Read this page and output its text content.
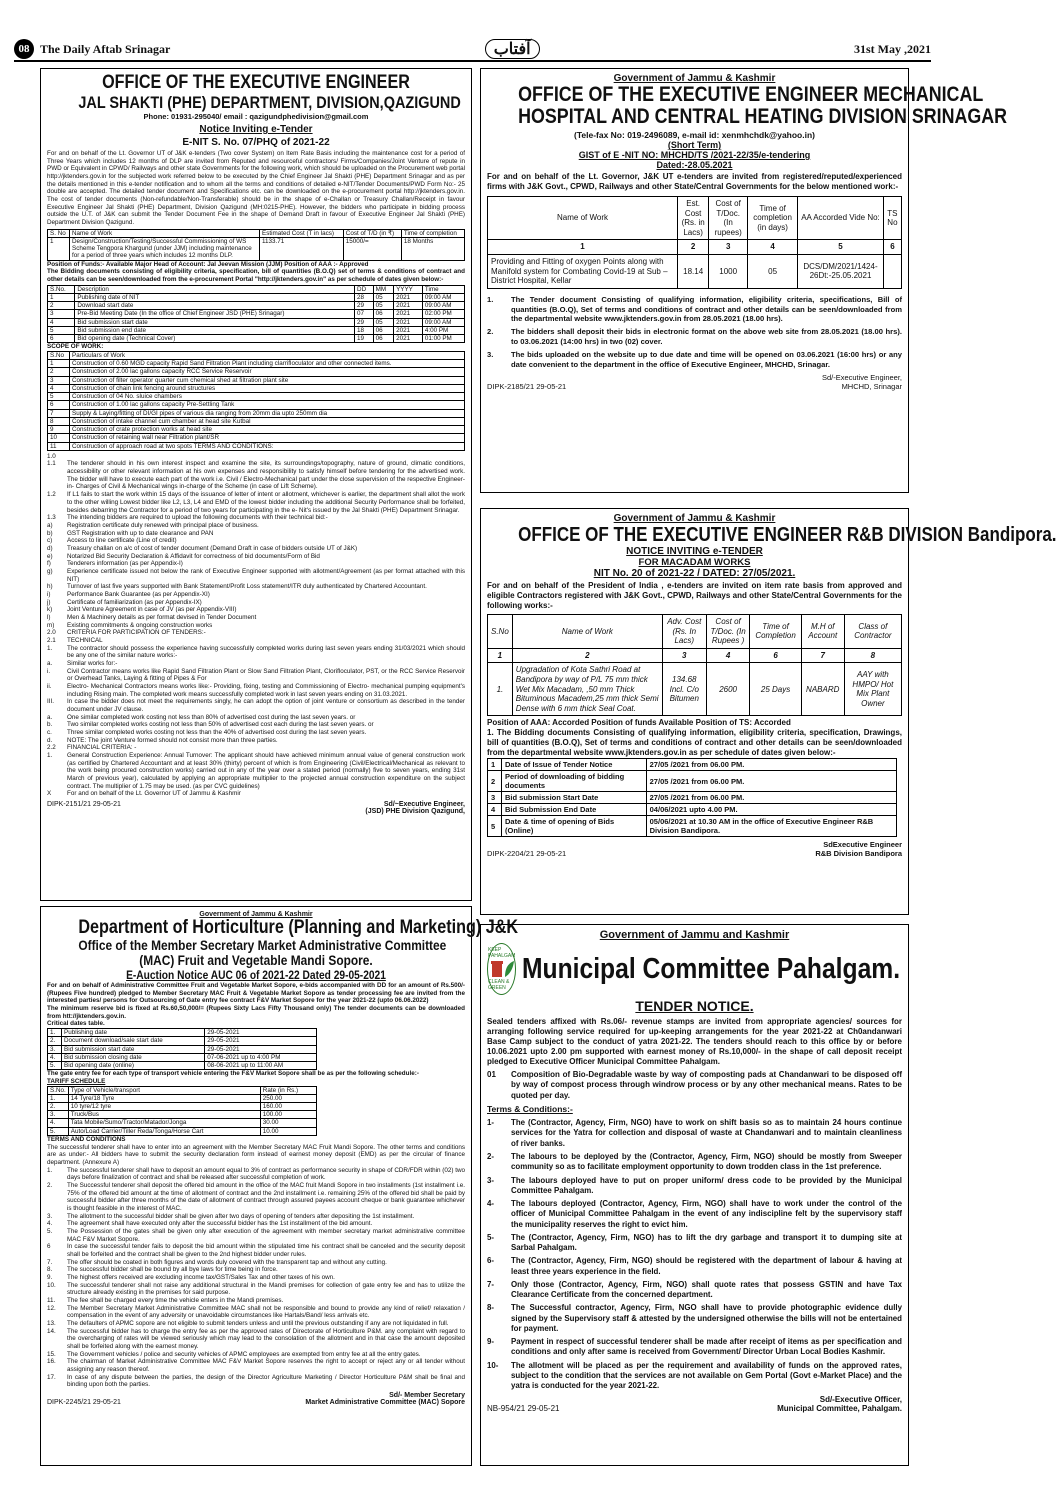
08 The Daily Aftab Srinagar	آفتاب	31st May ,2021
OFFICE OF THE EXECUTIVE ENGINEER
JAL SHAKTI (PHE) DEPARTMENT, DIVISION,QAZIGUND
Phone: 01931-295040/ email : qazigundphedivision@gmail.com
Notice Inviting e-Tender
E-NIT S. No. 07/PHQ of 2021-22
For and on behalf of the Lt. Governor UT of J&K e-tenders (Two cover System) on Item Rate Basis including the maintenance cost for a period of Three Years which includes 12 months of DLP are invited from Reputed and resourceful contractors/ Firms/Companies/Joint Venture of repute in PWD or Equivalent in CPWD/ Railways and other state Governments for the following work, which should be uploaded on the Procurement web portal http://jktenders.gov.in for the subjected work referred below to be executed by the Chief Engineer Jal Shakti (PHE) Department Srinagar and as per the details mentioned in this e-tender notification and to whom all the terms and conditions of detailed e-NIT/Tender Documents/PWD Form No:- 25 double are accepted. The detailed tender document and Specifications etc. can be downloaded on the e-procurement portal http://jktenders.gov.in. The cost of tender documents (Non-refundable/Non-Transferable) should be in the shape of e-Challan or Treasury Challan/Receipt in favour Executive Engineer Jal Shakti (PHE) Department, Division Qazigund (MH:0215-PHE). However, the bidders who participate in bidding process outside the U.T. of J&K can submit the Tender Document Fee in the shape of Demand Draft in favour of Executive Engineer Jal Shakti (PHE) Department Division Qazigund.
S. No	Name of Work	Estimated Cost (T in lacs)	Cost of T/D (in ₹)	Time of completion
1	Design/Construction/Testing/Successful Commissioning of WS Scheme Tengpora Khargund (under JJM) including maintenance for a period of three years which includes 12 months DLP.	1133.71	15000/=	18 Months
Position of Funds:- Available Major Head of Account: Jal Jeevan Mission (JJM) Position of AAA :- Approved
The Bidding documents consisting of eligibility criteria, specification, bill of quantities (B.O.Q) set of terms & conditions of contract and other details can be seen/downloaded from the e-procurement Portal "http://jktenders.gov.in" as per schedule of dates given below:-
S.No.	Description	DD	MM	YYYY	Time
1	Publishing date of NIT	28	05	2021	09:00 AM
2	Download start date	29	05	2021	09:00 AM
3	Pre-Bid Meeting Date (In the office of Chief Engineer JSD (PHE) Srinagar)	07	06	2021	02:00 PM
4	Bid submission start date	29	05	2021	09:00 AM
5	Bid submission end date	18	06	2021	4:00 PM
6	Bid opening date (Technical Cover)	19	06	2021	01:00 PM
SCOPE OF WORK:
S.No	Particulars of Work
1	Construction of 0.60 MGD capacity Rapid Sand Filtration Plant including clarrifloculator and other connected items.
2	Construction of 2.00 lac gallons capacity RCC Service Reservoir
3	Construction of filter operator quarter cum chemical shed at filtration plant site
4	Construction of chain link fencing around structures
5	Construction of 04 No. sluice chambers
6	Construction of 1.00 lac gallons capacity Pre-Settling Tank
7	Supply & Laying/fitting of DI/GI pipes of various dia ranging from 20mm dia upto 250mm dia
8	Construction of intake channel cum chamber at head site Kutbal
9	Construction of crate protection works at head site
10	Construction of retaining wall near Filtration plant/SR
11	Construction of approach road at two spots TERMS AND CONDITIONS:
1.0
1.1	The tenderer should in his own interest inspect and examine the site, its surroundings/topography, nature of ground, climatic conditions, accessibility or other relevant information at his own expenses and responsibility to satisfy himself before tendering for the advertised work. The bidder will have to execute each part of the work i.e. Civil / Electro-Mechanical part under the close supervision of the respective Engineer- in- Charges of Civil & Mechanical wings in-charge of the Scheme (in case of Lift Scheme).
1.2	If L1 fails to start the work within 15 days of the issuance of letter of intent or allotment, whichever is earlier, the department shall allot the work to the other willing Lowest bidder like L2, L3, L4 and EMD of the lowest bidder including the additional Security Performance shall be forfeited, besides debarring the Contractor for a period of two years for participating in the e- Nit's issued by the Jal Shakti (PHE) Department Srinagar.
1.3	The intending bidders are required to upload the following documents with their technical bid:-
a)	Registration certificate duly renewed with principal place of business.
b)	GST Registration with up to date clearance and PAN
c)	Access to line certificate (Line of credit)
d)	Treasury challan on a/c of cost of tender document (Demand Draft in case of bidders outside UT of J&K)
e)	Notarized Bid Security Declaration & Affidavit for correctness of bid documents/Form of Bid
f)	Tenderers information (as per Appendix-I)
g)	Experience certificate issued not below the rank of Executive Engineer supported with allotment/Agreement (as per format attached with this NIT)
h)	Turnover of last five years supported with Bank Statement/Profit Loss statement/ITR duly authenticated by Chartered Accountant.
i)	Performance Bank Guarantee (as per Appendix-XI)
j)	Certificate of familiarization (as per Appendix-IX)
k)	Joint Venture Agreement in case of JV (as per Appendix-VIII)
l)	Men & Machinery details as per format devised in Tender Document
m)	Existing commitments & ongoing construction works
2.0	CRITERIA FOR PARTICIPATION OF TENDERS:-
2.1	TECHNICAL
1.	The contractor should possess the experience having successfully completed works during last seven years ending 31/03/2021 which should be any one of the similar nature works:-
a.	Similar works for:-
i.	Civil Contractor means works like Rapid Sand Filtration Plant or Slow Sand Filtration Plant, Clorifloculator, PST, or the RCC Service Reservoir or Overhead Tanks, Laying & fitting of Pipes & For
ii.	Electro- Mechanical Contractors means works like:- Providing, fixing, testing and Commissioning of Electro- mechanical pumping equipment's including Rising main. The completed work means successfully completed work in last seven years ending on 31.03.2021.
III.	In case the bidder does not meet the requirements singly, he can adopt the option of joint venture or consortium as described in the tender document under JV clause.
a.	One similar completed work costing not less than 80% of advertised cost during the last seven years. or
b.	Two similar completed works costing not less than 50% of advertised cost each during the last seven years. or
c.	Three similar completed works costing not less than the 40% of advertised cost during the last seven years.
d.	NOTE: The joint Venture formed should not consist more than three parties.
2.2	FINANCIAL CRITERIA: -
1.	General Construction Experience: Annual Turnover: The applicant should have achieved minimum annual value of general construction work (as certified by Chartered Accountant and at least 30% (thirty) percent of which is from Engineering (Civil/Electrical/Mechanical as relevant to the work being procured construction works) carried out in any of the year over a stated period (normally) five to seven years, ending 31st March of previous year), calculated by applying an appropriate multiplier to the projected annual construction expenditure on the subject contract. The multiplier of 1.75 may be used. (as per CVC guidelines)
X	For and on behalf of the Lt. Governor UT of Jammu & Kashmir
DIPK-2151/21 29-05-21	Sd/~Executive Engineer,
(JSD) PHE Division Qazigund,
Government of Jammu & Kashmir
OFFICE OF THE EXECUTIVE ENGINEER MECHANICAL
HOSPITAL AND CENTRAL HEATING DIVISION SRINAGAR
(Tele-fax No: 019-2496089, e-mail id: xenmhchdk@yahoo.in)
(Short Term)
GIST of E -NIT NO: MHCHD/TS /2021-22/35/e-tendering
Dated:-28.05.2021
For and on behalf of the Lt. Governor, J&K UT e-tenders are invited from registered/reputed/experienced firms with J&K Govt., CPWD, Railways and other State/Central Governments for the below mentioned work:-
Name of Work	Est. Cost (Rs. in Lacs)	Cost of T/Doc. (In rupees)	Time of completion (in days)	AA Accorded Vide No:	TS No
1	2	3	4	5	6
Providing and Fitting of oxygen Points along with Manifold system for Combating Covid-19 at Sub –District Hospital, Kellar	18.14	1000	05	DCS/DM/2021/1424-26Dt:-25.05.2021	
1.	The Tender document Consisting of qualifying information, eligibility criteria, specifications, Bill of quantities (B.O.Q), Set of terms and conditions of contract and other details can be seen/downloaded from the departmental website www.jktenders.gov.in from 28.05.2021 (18.00 hrs).
2.	The bidders shall deposit their bids in electronic format on the above web site from 28.05.2021 (18.00 hrs). to 03.06.2021 (14:00 hrs) in two (02) cover.
3.	The bids uploaded on the website up to due date and time will be opened on 03.06.2021 (16:00 hrs) or any date convenient to the department in the office of Executive Engineer, MHCHD, Srinagar.
DIPK-2185/21 29-05-21
Sd/-Executive Engineer,
MHCHD, Srinagar
Government of Jammu & Kashmir
OFFICE OF THE EXECUTIVE ENGINEER R&B DIVISION Bandipora.
NOTICE INVITING e-TENDER
FOR MACADAM WORKS
NIT No. 20 of 2021-22 / DATED: 27/05/2021.
For and on behalf of the President of India , e-tenders are invited on item rate basis from approved and eligible Contractors registered with J&K Govt., CPWD, Railways and other State/Central Governments for the following works:-
S.No	Name of Work	Adv. Cost (Rs. In Lacs)	Cost of T/Doc. (In Rupees )	Time of Completion	M.H of Account	Class of Contractor
1	2	3	4	6	7	8
1.	Upgradation of Kota Sathri Road at Bandipora by way of P/L 75 mm thick Wet Mix Macadam, ,50 mm Thick Bituminous Macadem,25 mm thick Semi Dense with 6 mm thick Seal Coat.	134.68 Incl. C/o Bitumen	2600	25 Days	NABARD	AAY with HMPO/ Hot Mix Plant Owner
Position of AAA: Accorded Position of funds Available Position of TS: Accorded
1. The Bidding documents Consisting of qualifying information, eligibility criteria, specification, Drawings, bill of quantities (B.O.Q), Set of terms and conditions of contract and other details can be seen/downloaded from the departmental website www.jktenders.gov.in as per schedule of dates given below:-
1	Date of Issue of Tender Notice	27/05 /2021 from 06.00 PM.
2	Period of downloading of bidding documents	27/05 /2021 from 06.00 PM.
3	Bid submission Start Date	27/05 /2021 from 06.00 PM.
4	Bid Submission End Date	04/06/2021 upto 4.00 PM.
5	Date & time of opening of Bids (Online)	05/06/2021 at 10.30 AM in the office of Executive Engineer R&B Division Bandipora.
DIPK-2204/21 29-05-21
SdExecutive Engineer
R&B Division Bandipora
Government of Jammu & Kashmir
Department of Horticulture (Planning and Marketing) J&K
Office of the Member Secretary Market Administrative Committee
(MAC) Fruit and Vegetable Mandi Sopore.
E-Auction Notice AUC 06 of 2021-22 Dated 29-05-2021
For and on behalf of Administrative Committee Fruit and Vegetable Market Sopore, e-bids accompanied with DD for an amount of Rs.500/- (Rupees Five hundred) pledged to Member Secretary MAC Fruit & Vegetable Market Sopore as tender processing fee are invited from the interested parties/ persons for Outsourcing of Gate entry fee contract F&V Market Sopore for the year 2021-22 (upto 06.06.2022)
The minimum reserve bid is fixed at Rs.60,50,000/= (Rupees Sixty Lacs Fifty Thousand only) The tender documents can be downloaded from htt://jktenders.gov.in.
Critical dates table.
1.	Publishing date	29-05-2021
2.	Document download/sale start date	29-05-2021
3.	Bid submission start date	29-05-2021
4.	Bid submission closing date	07-06-2021 up to 4:00 PM
5.	Bid opening date (online)	08-06-2021 up to 11:00 AM
The gate entry fee for each type of transport vehicle entering the F&V Market Sopore shall be as per the following schedule:-
TARIFF SCHEDULE
S.No.	Type of Vehicle/transport	Rate (in Rs.)
1.	14 Tyre/18 Tyre	250.00
2.	10 tyre/12 tyre	160.00
3.	Truck/Bus	100.00
4.	Tata Mobile/Sumo/Tractor/Matador/Jonga	30.00
5.	Auto/Load Carrier/Tiller Reda/Tonga/Horse Cart	10.00
TERMS AND CONDITIONS
The successful tenderer shall have to enter into an agreement with the Member Secretary MAC Fruit Mandi Sopore. The other terms and conditions are as under:- All bidders have to submit the security declaration form instead of earnest money deposit (EMD) as per the circular of finance department. (Annexure A)
1.	The successful tenderer shall have to deposit an amount equal to 3% of contract as performance security in shape of CDR/FDR within (02) two days before finalization of contract and shall be released after successful completion of work.
2.	The Successful tenderer shall deposit the offered bid amount in the office of the MAC fruit Mandi Sopore in two installments (1st installment i.e. 75% of the offered bid amount at the time of allotment of contract and the 2nd installment i.e. remaining 25% of the offered bid shall be paid by successful bidder after three months of the date of allotment of contract through assured payees account cheque or bank guarantee whichever is thought feasible in the interest of MAC.
3.	The allotment to the successful bidder shall be given after two days of opening of tenders after depositing the 1st installment.
4.	The agreement shall have executed only after the successful bidder has the 1st installment of the bid amount.
5.	The Possession of the gates shall be given only after execution of the agreement with member secretary market administrative committee MAC F&V Market Sopore.
6	In case the successful tender fails to deposit the bid amount within the stipulated time his contract shall be canceled and the security deposit shall be forfeited and the contract shall be given to the 2nd highest bidder under rules.
7.	The offer should be coated in both figures and words duly covered with the transparent tap and without any cutting.
8.	The successful bidder shall be bound by all bye laws for time being in force.
9.	The highest offers received are excluding income tax/GST/Sales Tax and other taxes of his own.
10.	The successful tenderer shall not raise any additional structural in the Mandi premises for collection of gate entry fee and has to utilize the structure already existing in the premises for said purpose.
11.	The fee shall be charged every time the vehicle enters in the Mandi premises.
12.	The Member Secretary Market Administrative Committee MAC shall not be responsible and bound to provide any kind of relief/ relaxation / compensation in the event of any adversity or unavoidable circumstances like Hartals/Band/ less arrivals etc.
13.	The defaulters of APMC sopore are not eligible to submit tenders unless and until the previous outstanding if any are not liquidated in full.
14.	The successful bidder has to charge the entry fee as per the approved rates of Directorate of Horticulture P&M. any complaint with regard to the overcharging of rates will be viewed seriously which may lead to the consolation of the allotment and in that case the amount deposited shall be forfeited along with the earnest money.
15.	The Government vehicles / police and security vehicles of APMC employees are exempted from entry fee at all the entry gates.
16.	The chairman of Market Administrative Committee MAC F&V Market Sopore reserves the right to accept or reject any or all tender without assigning any reason thereof.
17.	In case of any dispute between the parties, the design of the Director Agriculture Marketing / Director Horticulture P&M shall be final and binding upon both the parties.
DIPK-2245/21 29-05-21
Sd/- Member Secretary
Market Administrative Committee (MAC) Sopore
Government of Jammu and Kashmir
KEEP PAHALGAM
CLEAN & GREEN
Municipal Committee Pahalgam.
TENDER NOTICE.
Sealed tenders affixed with Rs.06/- revenue stamps are invited from appropriate agencies/ sources for arranging following service required for up-keeping arrangements for the year 2021-22 at Ch0andanwari Base Camp subject to the conduct of yatra 2021-22. The tenders should reach to this office by or before 10.06.2021 upto 2.00 pm supported with earnest money of Rs.10,000/- in the shape of call deposit receipt pledged to Executive Officer Municipal Committee Pahalgam.
01	Composition of Bio-Degradable waste by way of composting pads at Chandanwari to be disposed off by way of compost process through windrow process or by any other mechanical means. Rates to be quoted per day.
Terms & Conditions:-
1-	The (Contractor, Agency, Firm, NGO) have to work on shift basis so as to maintain 24 hours continue services for the Yatra for collection and disposal of waste at Chandanwari and to maintain cleanliness of river banks.
2-	The labours to be deployed by the (Contractor, Agency, Firm, NGO) should be mostly from Sweeper community so as to facilitate employment opportunity to down trodden class in the 1st preference.
3-	The labours deployed have to put on proper uniform/ dress code to be provided by the Municipal Committee Pahalgam.
4-	The labours deployed (Contractor, Agency, Firm, NGO) shall have to work under the control of the officer of Municipal Committee Pahalgam in the event of any indiscipline felt by the supervisory staff the municipality reserves the right to evict him.
5-	The (Contractor, Agency, Firm, NGO) has to lift the dry garbage and transport it to dumping site at Sarbal Pahalgam.
6-	The (Contractor, Agency, Firm, NGO) should be registered with the department of labour & having at least three years experience in the field.
7-	Only those (Contractor, Agency, Firm, NGO) shall quote rates that possess GSTIN and have Tax Clearance Certificate from the concerned department.
8-	The Successful contractor, Agency, Firm, NGO shall have to provide photographic evidence dully signed by the Supervisory staff & attested by the undersigned otherwise the bills will not be entertained for payment.
9-	Payment in respect of successful tenderer shall be made after receipt of items as per specification and conditions and only after same is received from Government/ Director Urban Local Bodies Kashmir.
10-	The allotment will be placed as per the requirement and availability of funds on the approved rates, subject to the condition that the services are not available on Gem Portal (Govt e-Market Place) and the yatra is conducted for the year 2021-22.
NB-954/21 29-05-21
Sd/-Executive Officer,
Municipal Committee, Pahalgam.
